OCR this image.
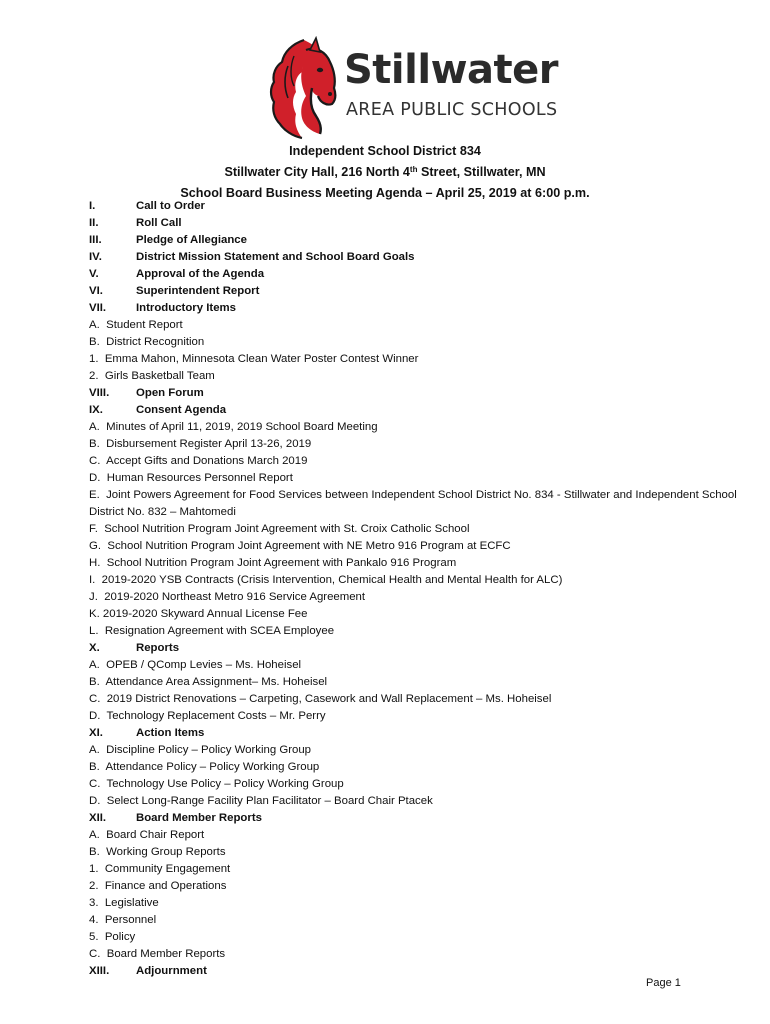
Stillwater
AREA PUBLIC SCHOOLS
Independent School District 834
Stillwater City Hall, 216 North 4th Street, Stillwater, MN
School Board Business Meeting Agenda – April 25, 2019 at 6:00 p.m.
I.	Call to Order
II.	Roll Call
III.	Pledge of Allegiance
IV.	District Mission Statement and School Board Goals
V.	Approval of the Agenda
VI.	Superintendent Report
VII.	Introductory Items
A.  Student Report
B.  District Recognition
1.  Emma Mahon, Minnesota Clean Water Poster Contest Winner
2.  Girls Basketball Team
VIII. Open Forum
IX.	Consent Agenda
A.  Minutes of April 11, 2019, 2019 School Board Meeting
B.  Disbursement Register April 13-26, 2019
C.  Accept Gifts and Donations March 2019
D.  Human Resources Personnel Report
E.  Joint Powers Agreement for Food Services between Independent School District No. 834 - Stillwater and Independent School District No. 832 – Mahtomedi
F.  School Nutrition Program Joint Agreement with St. Croix Catholic School
G.  School Nutrition Program Joint Agreement with NE Metro 916 Program at ECFC
H.  School Nutrition Program Joint Agreement with Pankalo 916 Program
I.  2019-2020 YSB Contracts (Crisis Intervention, Chemical Health and Mental Health for ALC)
J.  2019-2020 Northeast Metro 916 Service Agreement
K. 2019-2020 Skyward Annual License Fee
L.  Resignation Agreement with SCEA Employee
X.	Reports
A.  OPEB / QComp Levies – Ms. Hoheisel
B.  Attendance Area Assignment– Ms. Hoheisel
C.  2019 District Renovations – Carpeting, Casework and Wall Replacement – Ms. Hoheisel
D.  Technology Replacement Costs – Mr. Perry
XI.	Action Items
A.  Discipline Policy – Policy Working Group
B.  Attendance Policy – Policy Working Group
C.  Technology Use Policy – Policy Working Group
D.  Select Long-Range Facility Plan Facilitator – Board Chair Ptacek
XII.	Board Member Reports
A.  Board Chair Report
B.  Working Group Reports
1.  Community Engagement
2.  Finance and Operations
3.  Legislative
4.  Personnel
5.  Policy
C.  Board Member Reports
XIII. Adjournment
Page 1
